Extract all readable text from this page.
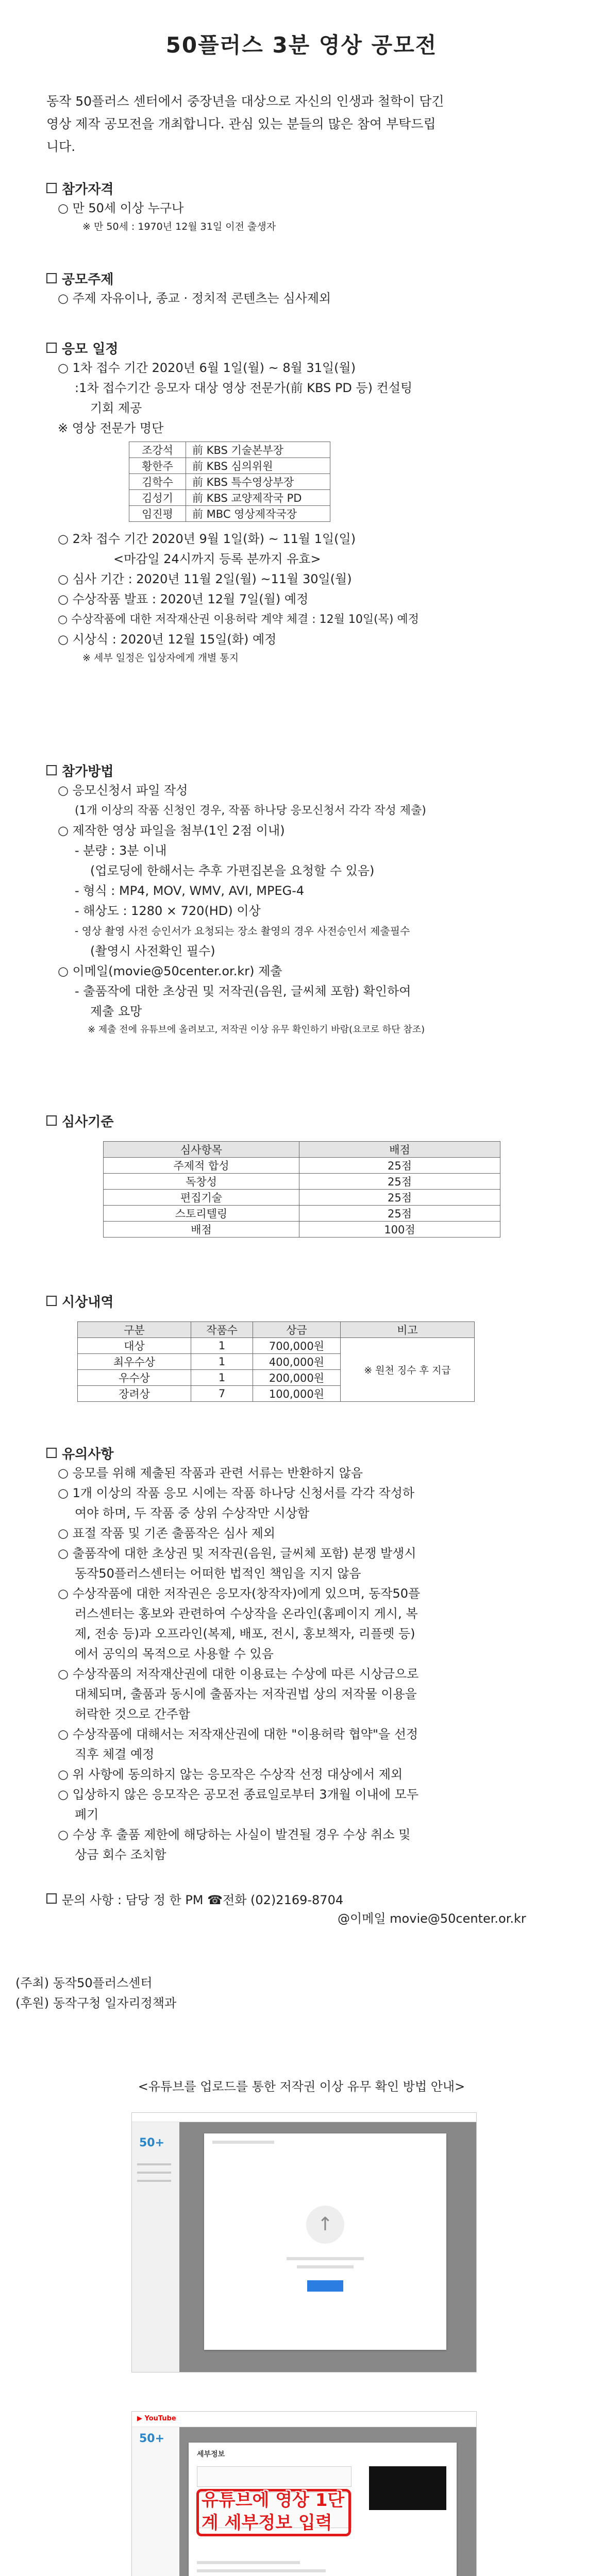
50플러스 3분 영상 공모전
동작 50플러스 센터에서 중장년을 대상으로 자신의 인생과 철학이 담긴
영상 제작 공모전을 개최합니다. 관심 있는 분들의 많은 참여 부탁드립
니다.
참가자격
○ 만 50세 이상 누구나
※ 만 50세 : 1970년 12월 31일 이전 출생자
공모주제
○ 주제 자유이나, 종교 · 정치적 콘텐츠는 심사제외
응모 일정
○ 1차 접수 기간 2020년 6월 1일(월) ~ 8월 31일(월)
:1차 접수기간 응모자 대상 영상 전문가(前 KBS PD 등) 컨설팅
기회 제공
※ 영상 전문가 명단
조강석	前 KBS 기술본부장
황한주	前 KBS 심의위원
김학수	前 KBS 특수영상부장
김성기	前 KBS 교양제작국 PD
임진평	前 MBC 영상제작국장
○ 2차 접수 기간 2020년 9월 1일(화) ~ 11월 1일(일)
<마감일 24시까지 등록 분까지 유효>
○ 심사 기간 : 2020년 11월 2일(월) ~11월 30일(월)
○ 수상작품 발표 : 2020년 12월 7일(월) 예정
○ 수상작품에 대한 저작재산권 이용허락 계약 체결 : 12월 10일(목) 예정
○ 시상식 : 2020년 12월 15일(화) 예정
※ 세부 일정은 입상자에게 개별 통지
참가방법
○ 응모신청서 파일 작성
(1개 이상의 작품 신청인 경우, 작품 하나당 응모신청서 각각 작성 제출)
○ 제작한 영상 파일을 첨부(1인 2점 이내)
- 분량 : 3분 이내
(업로딩에 한해서는 추후 가편집본을 요청할 수 있음)
- 형식 : MP4, MOV, WMV, AVI, MPEG-4
- 해상도 : 1280 × 720(HD) 이상
- 영상 촬영 사전 승인서가 요청되는 장소 촬영의 경우 사전승인서 제출필수
(촬영시 사전확인 필수)
○ 이메일(movie@50center.or.kr) 제출
- 출품작에 대한 초상권 및 저작권(음원, 글씨체 포함) 확인하여
제출 요망
※ 제출 전에 유튜브에 올려보고, 저작권 이상 유무 확인하기 바람(요코로 하단 참조)
심사기준
심사항목	배점
주제적 합성	25점
독창성	25점
편집기술	25점
스토리텔링	25점
배점	100점
시상내역
구분	작품수	상금	비고
대상	1	700,000원	※ 원천 징수 후 지급
최우수상	1	400,000원	
우수상	1	200,000원	
장려상	7	100,000원	
유의사항
○ 응모를 위해 제출된 작품과 관련 서류는 반환하지 않음
○ 1개 이상의 작품 응모 시에는 작품 하나당 신청서를 각각 작성하
여야 하며, 두 작품 중 상위 수상작만 시상함
○ 표절 작품 및 기존 출품작은 심사 제외
○ 출품작에 대한 초상권 및 저작권(음원, 글씨체 포함) 분쟁 발생시
동작50플러스센터는 어떠한 법적인 책임을 지지 않음
○ 수상작품에 대한 저작권은 응모자(창작자)에게 있으며, 동작50플
러스센터는 홍보와 관련하여 수상작을 온라인(홈페이지 게시, 복
제, 전송 등)과 오프라인(복제, 배포, 전시, 홍보책자, 리플렛 등)
에서 공익의 목적으로 사용할 수 있음
○ 수상작품의 저작재산권에 대한 이용료는 수상에 따른 시상금으로
대체되며, 출품과 동시에 출품자는 저작권법 상의 저작물 이용을
허락한 것으로 간주함
○ 수상작품에 대해서는 저작재산권에 대한 "이용허락 협약"을 선정
직후 체결 예정
○ 위 사항에 동의하지 않는 응모작은 수상작 선정 대상에서 제외
○ 입상하지 않은 응모작은 공모전 종료일로부터 3개월 이내에 모두
폐기
○ 수상 후 출품 제한에 해당하는 사실이 발견될 경우 수상 취소 및
상금 회수 조치함
문의 사항 : 담당 정 한 PM ☎전화 (02)2169-8704
@이메일 movie@50center.or.kr
(주최) 동작50플러스센터
(후원) 동작구청 일자리정책과
<유튜브를 업로드를 통한 저작권 이상 유무 확인 방법 안내>
50+
↑
▶ YouTube
50+
세부정보
유튜브에 영상 1단계 세부정보 입력
